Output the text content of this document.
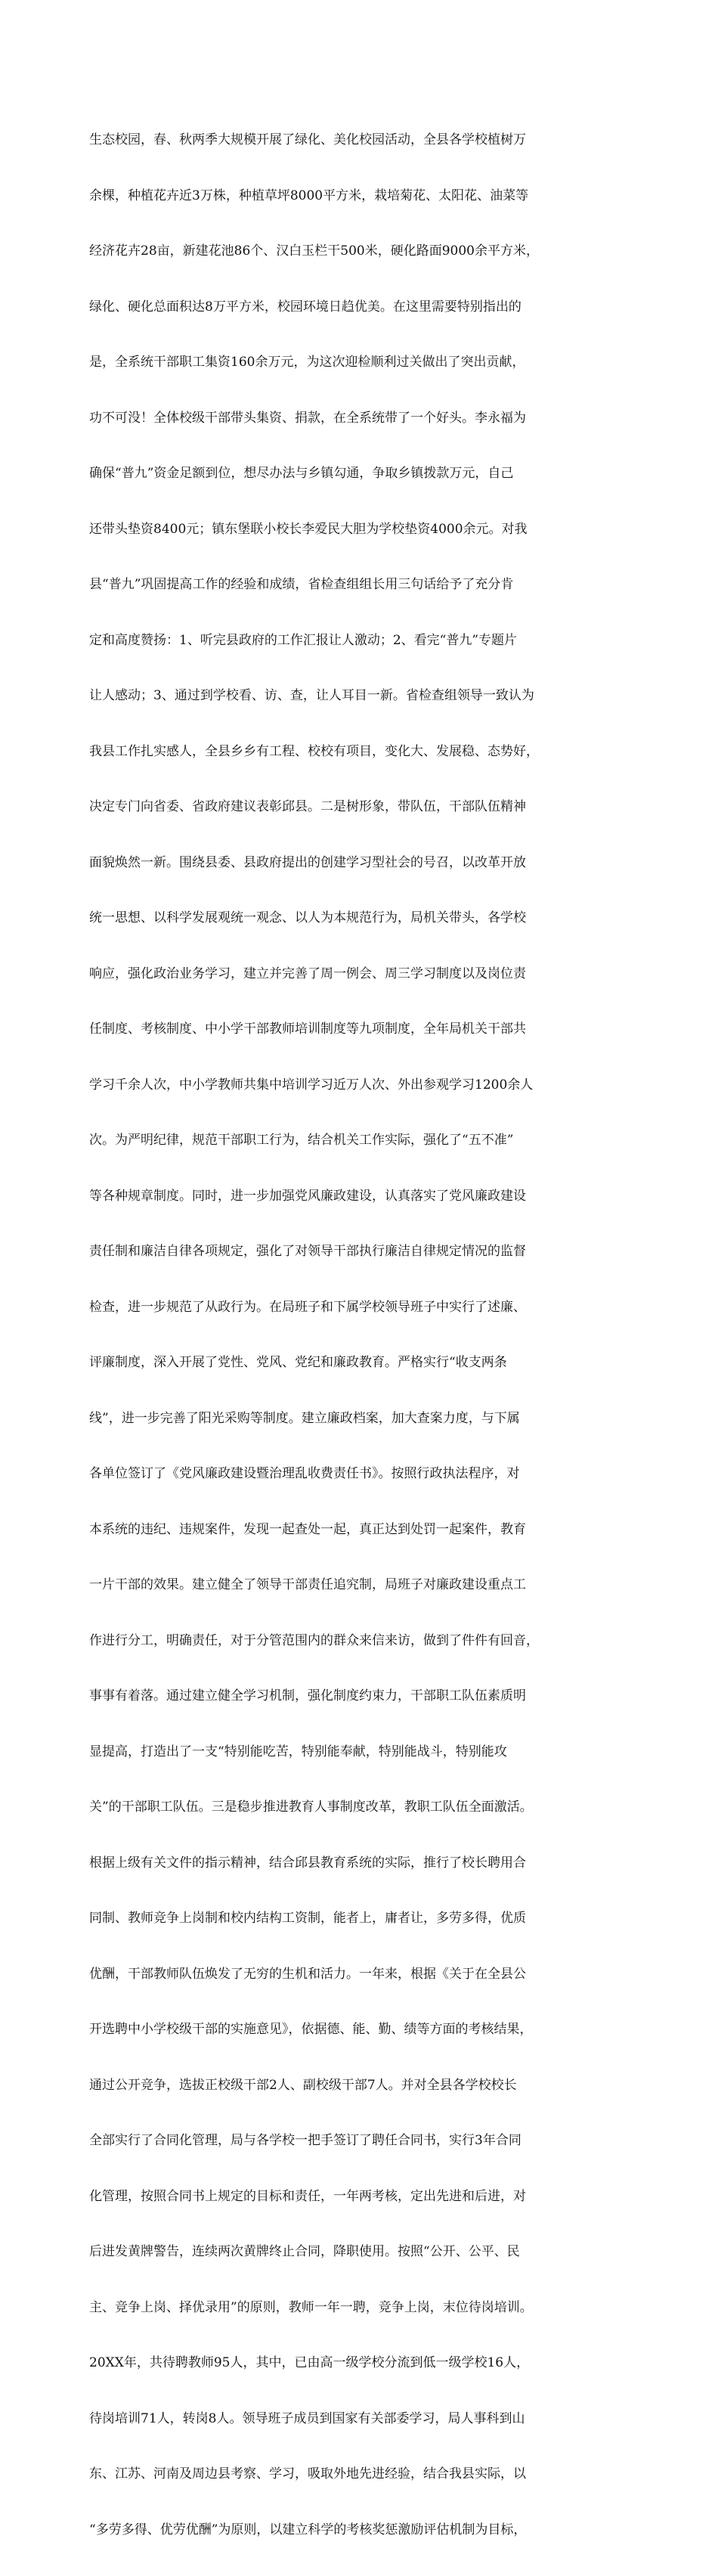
生态校园，春、秋两季大规模开展了绿化、美化校园活动，全县各学校植树万

余棵，种植花卉近3万株，种植草坪8000平方米，栽培菊花、太阳花、油菜等

经济花卉28亩，新建花池86个、汉白玉栏干500米，硬化路面9000余平方米，

绿化、硬化总面积达8万平方米，校园环境日趋优美。在这里需要特别指出的

是，全系统干部职工集资160余万元，为这次迎检顺利过关做出了突出贡献，

功不可没！全体校级干部带头集资、捐款，在全系统带了一个好头。李永福为

确保“普九”资金足额到位，想尽办法与乡镇勾通，争取乡镇拨款万元，自己

还带头垫资8400元；镇东堡联小校长李爱民大胆为学校垫资4000余元。对我

县“普九”巩固提高工作的经验和成绩，省检查组组长用三句话给予了充分肯

定和高度赞扬：1、听完县政府的工作汇报让人激动；2、看完“普九”专题片

让人感动；3、通过到学校看、访、查，让人耳目一新。省检查组领导一致认为

我县工作扎实感人，全县乡乡有工程、校校有项目，变化大、发展稳、态势好，

决定专门向省委、省政府建议表彰邱县。二是树形象，带队伍，干部队伍精神

面貌焕然一新。围绕县委、县政府提出的创建学习型社会的号召，以改革开放

统一思想、以科学发展观统一观念、以人为本规范行为，局机关带头，各学校

响应，强化政治业务学习，建立并完善了周一例会、周三学习制度以及岗位责

任制度、考核制度、中小学干部教师培训制度等九项制度，全年局机关干部共

学习千余人次，中小学教师共集中培训学习近万人次、外出参观学习1200余人

次。为严明纪律，规范干部职工行为，结合机关工作实际，强化了“五不准”

等各种规章制度。同时，进一步加强党风廉政建设，认真落实了党风廉政建设

责任制和廉洁自律各项规定，强化了对领导干部执行廉洁自律规定情况的监督

检查，进一步规范了从政行为。在局班子和下属学校领导班子中实行了述廉、

评廉制度，深入开展了党性、党风、党纪和廉政教育。严格实行“收支两条

线”，进一步完善了阳光采购等制度。建立廉政档案，加大查案力度，与下属

各单位签订了《党风廉政建设暨治理乱收费责任书》。按照行政执法程序，对

本系统的违纪、违规案件，发现一起查处一起，真正达到处罚一起案件，教育

一片干部的效果。建立健全了领导干部责任追究制，局班子对廉政建设重点工

作进行分工，明确责任，对于分管范围内的群众来信来访，做到了件件有回音，

事事有着落。通过建立健全学习机制，强化制度约束力，干部职工队伍素质明

显提高，打造出了一支“特别能吃苦，特别能奉献，特别能战斗，特别能攻

关”的干部职工队伍。三是稳步推进教育人事制度改革，教职工队伍全面激活。

根据上级有关文件的指示精神，结合邱县教育系统的实际，推行了校长聘用合

同制、教师竞争上岗制和校内结构工资制，能者上，庸者让，多劳多得，优质

优酬，干部教师队伍焕发了无穷的生机和活力。一年来，根据《关于在全县公

开选聘中小学校级干部的实施意见》，依据德、能、勤、绩等方面的考核结果，

通过公开竞争，选拔正校级干部2人、副校级干部7人。并对全县各学校校长

全部实行了合同化管理，局与各学校一把手签订了聘任合同书，实行3年合同

化管理，按照合同书上规定的目标和责任，一年两考核，定出先进和后进，对

后进发黄牌警告，连续两次黄牌终止合同，降职使用。按照“公开、公平、民

主、竞争上岗、择优录用”的原则，教师一年一聘，竞争上岗，末位待岗培训。

20XX年，共待聘教师95人，其中，已由高一级学校分流到低一级学校16人，

待岗培训71人，转岗8人。领导班子成员到国家有关部委学习，局人事科到山

东、江苏、河南及周边县考察、学习，吸取外地先进经验，结合我县实际，以

“多劳多得、优劳优酬”为原则，以建立科学的考核奖惩激励评估机制为目标，
